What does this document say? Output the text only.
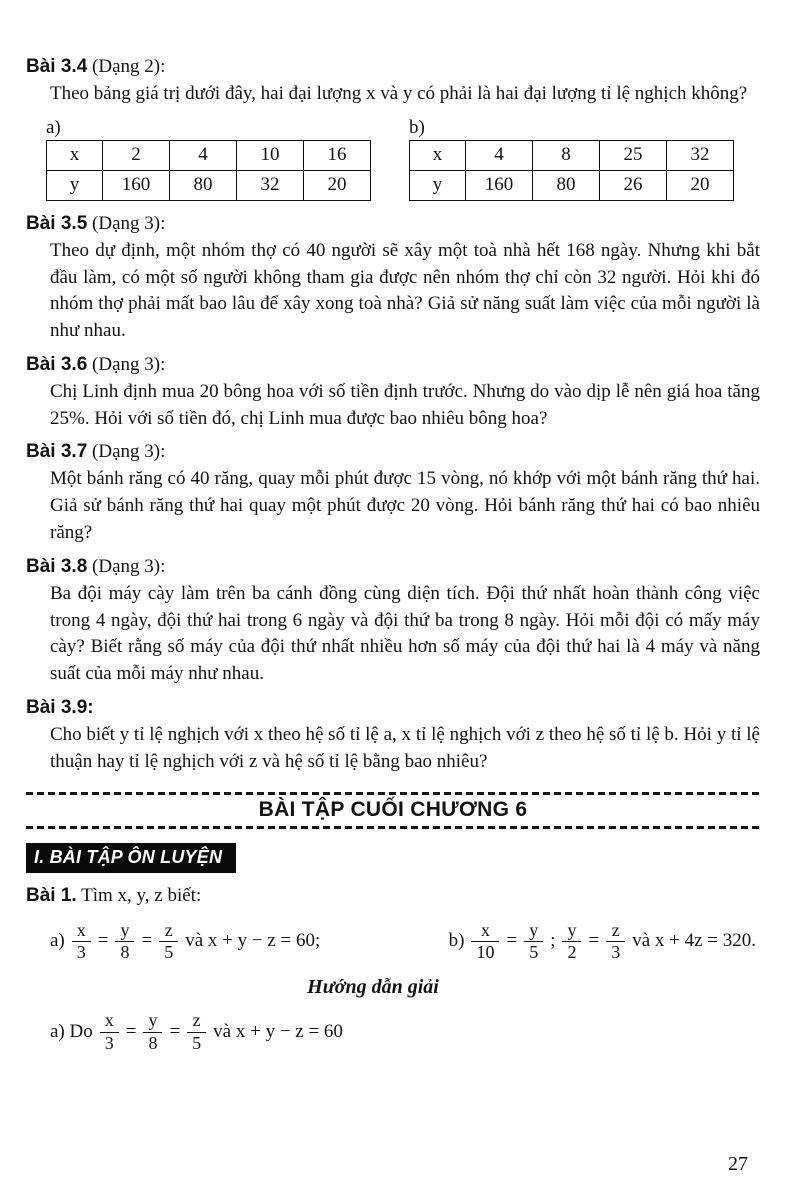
Bài 3.4 (Dạng 2):

Theo bảng giá trị dưới đây, hai đại lượng x và y có phải là hai đại lượng tỉ lệ nghịch không?

a)
x	2	4	10	16
y	160	80	32	20
b)
x	4	8	25	32
y	160	80	26	20
Bài 3.5 (Dạng 3):

Theo dự định, một nhóm thợ có 40 người sẽ xây một toà nhà hết 168 ngày. Nhưng khi bắt đầu làm, có một số người không tham gia được nên nhóm thợ chỉ còn 32 người. Hỏi khi đó nhóm thợ phải mất bao lâu để xây xong toà nhà? Giả sử năng suất làm việc của mỗi người là như nhau.

Bài 3.6 (Dạng 3):

Chị Linh định mua 20 bông hoa với số tiền định trước. Nhưng do vào dịp lễ nên giá hoa tăng 25%. Hỏi với số tiền đó, chị Linh mua được bao nhiêu bông hoa?

Bài 3.7 (Dạng 3):

Một bánh răng có 40 răng, quay mỗi phút được 15 vòng, nó khớp với một bánh răng thứ hai. Giả sử bánh răng thứ hai quay một phút được 20 vòng. Hỏi bánh răng thứ hai có bao nhiêu răng?

Bài 3.8 (Dạng 3):

Ba đội máy cày làm trên ba cánh đồng cùng diện tích. Đội thứ nhất hoàn thành công việc trong 4 ngày, đội thứ hai trong 6 ngày và đội thứ ba trong 8 ngày. Hỏi mỗi đội có mấy máy cày? Biết rằng số máy của đội thứ nhất nhiều hơn số máy của đội thứ hai là 4 máy và năng suất của mỗi máy như nhau.

Bài 3.9:

Cho biết y tỉ lệ nghịch với x theo hệ số tỉ lệ a, x tỉ lệ nghịch với z theo hệ số tỉ lệ b. Hỏi y tỉ lệ thuận hay tỉ lệ nghịch với z và hệ số tỉ lệ bằng bao nhiêu?

BÀI TẬP CUỐI CHƯƠNG 6
I. BÀI TẬP ÔN LUYỆN
Bài 1. Tìm x, y, z biết:
$a) \frac{x}{3} = \frac{y}{8} = \frac{z}{5}$ và x + y − z = 60;	$b) \frac{x}{10} = \frac{y}{5}$ ; $\frac{y}{2} = \frac{z}{3}$ và x + 4z = 320.
Hướng dẫn giải
a) Do $\frac{x}{3} = \frac{y}{8} = \frac{z}{5}$ và x + y − z = 60
27
